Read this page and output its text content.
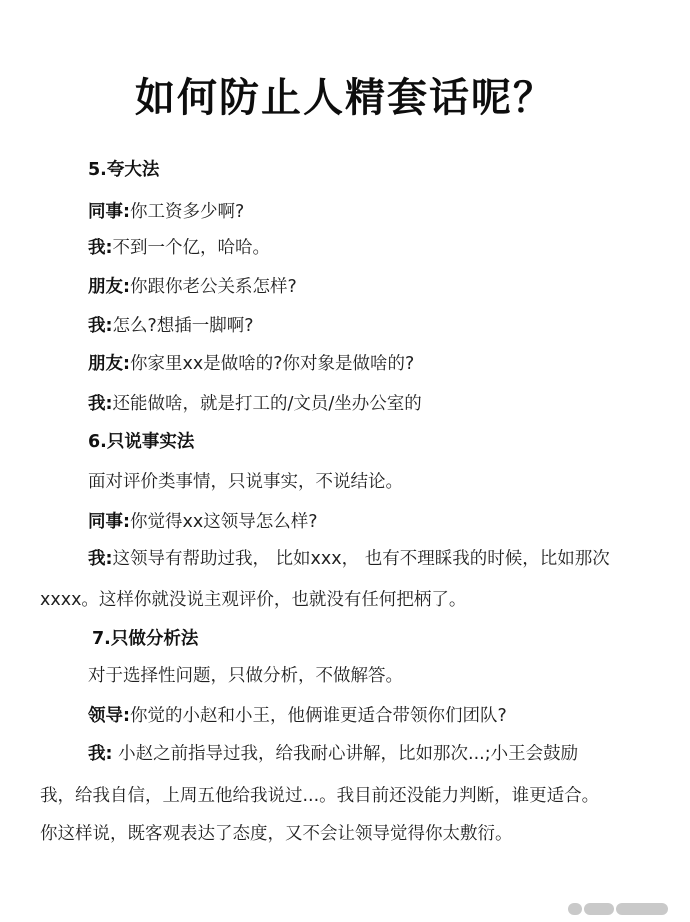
如何防止人精套话呢？
5.夸大法
同事:你工资多少啊?
我:不到一个亿，哈哈。
朋友:你跟你老公关系怎样?
我:怎么?想插一脚啊?
朋友:你家里xx是做啥的?你对象是做啥的?
我:还能做啥，就是打工的/文员/坐办公室的
6.只说事实法
面对评价类事情，只说事实，不说结论。
同事:你觉得xx这领导怎么样?
我:这领导有帮助过我， 比如xxx， 也有不理睬我的时候，比如那次
xxxx。这样你就没说主观评价，也就没有任何把柄了。
7.只做分析法
对于选择性问题，只做分析，不做解答。
领导:你觉的小赵和小王，他俩谁更适合带领你们团队?
我: 小赵之前指导过我，给我耐心讲解，比如那次...;小王会鼓励
我，给我自信，上周五他给我说过...。我目前还没能力判断，谁更适合。
你这样说，既客观表达了态度，又不会让领导觉得你太敷衍。
